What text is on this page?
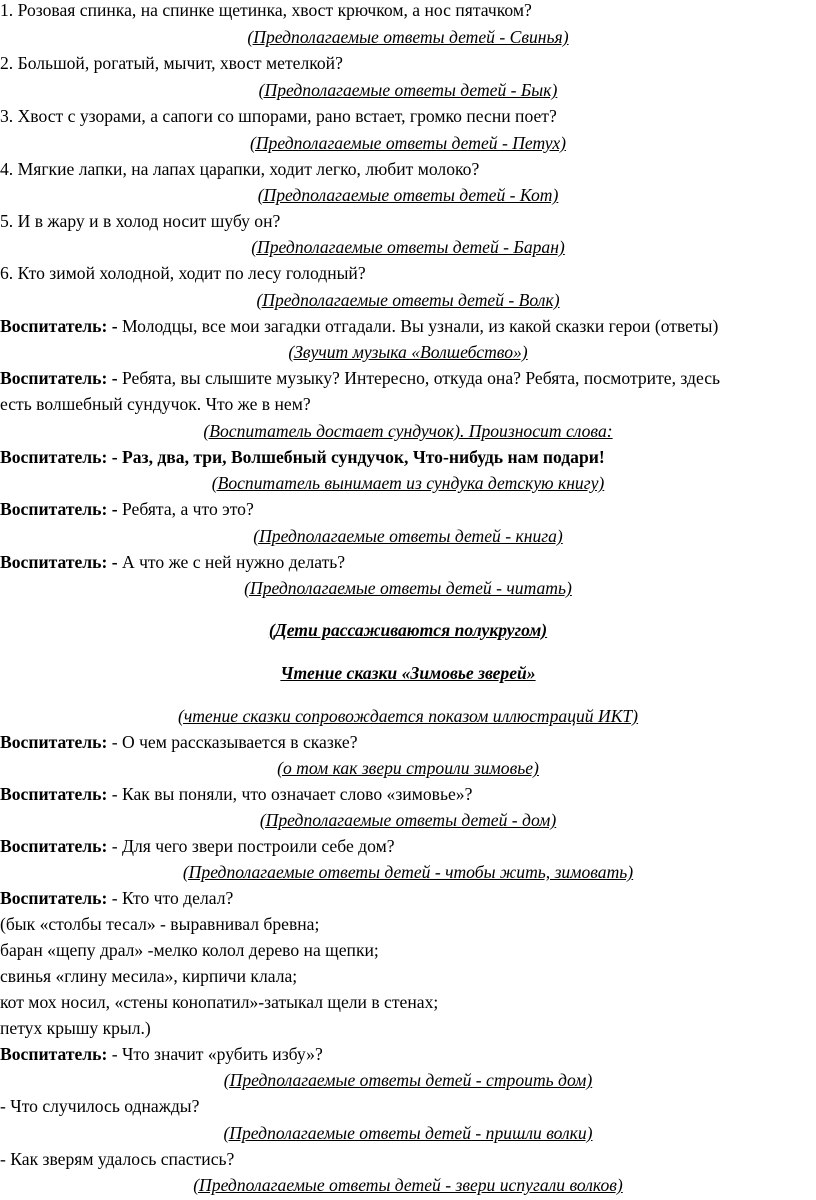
1. Розовая спинка, на спинке щетинка, хвост крючком, а нос пятачком?
(Предполагаемые ответы детей - Свинья)
2. Большой, рогатый, мычит, хвост метелкой?
(Предполагаемые ответы детей - Бык)
3. Хвост с узорами, а сапоги со шпорами, рано встает, громко песни поет?
(Предполагаемые ответы детей - Петух)
4. Мягкие лапки, на лапах царапки, ходит легко, любит молоко?
(Предполагаемые ответы детей - Кот)
5. И в жару и в холод носит шубу он?
(Предполагаемые ответы детей - Баран)
6. Кто зимой холодной, ходит по лесу голодный?
(Предполагаемые ответы детей - Волк)
Воспитатель: - Молодцы, все мои загадки отгадали. Вы узнали, из какой сказки герои (ответы)
(Звучит музыка «Волшебство»)
Воспитатель: - Ребята, вы слышите музыку? Интересно, откуда она? Ребята, посмотрите, здесь
есть волшебный сундучок. Что же в нем?
(Воспитатель достает сундучок). Произносит слова:
Воспитатель: - Раз, два, три, Волшебный сундучок, Что-нибудь нам подари!
(Воспитатель вынимает из сундука детскую книгу)
Воспитатель: - Ребята, а что это?
(Предполагаемые ответы детей - книга)
Воспитатель: - А что же с ней нужно делать?
(Предполагаемые ответы детей - читать)
(Дети рассаживаются полукругом)
Чтение сказки «Зимовье зверей»
(чтение сказки сопровождается показом иллюстраций ИКТ)
Воспитатель: - О чем рассказывается в сказке?
(о том как звери строили зимовье)
Воспитатель: - Как вы поняли, что означает слово «зимовье»?
(Предполагаемые ответы детей - дом)
Воспитатель: - Для чего звери построили себе дом?
(Предполагаемые ответы детей - чтобы жить, зимовать)
Воспитатель: - Кто что делал?
(бык «столбы тесал» - выравнивал бревна;
баран «щепу драл» -мелко колол дерево на щепки;
свинья «глину месила», кирпичи клала;
кот мох носил, «стены конопатил»-затыкал щели в стенах;
петух крышу крыл.)
Воспитатель: - Что значит «рубить избу»?
(Предполагаемые ответы детей - строить дом)
- Что случилось однажды?
(Предполагаемые ответы детей - пришли волки)
- Как зверям удалось спастись?
(Предполагаемые ответы детей - звери испугали волков)
